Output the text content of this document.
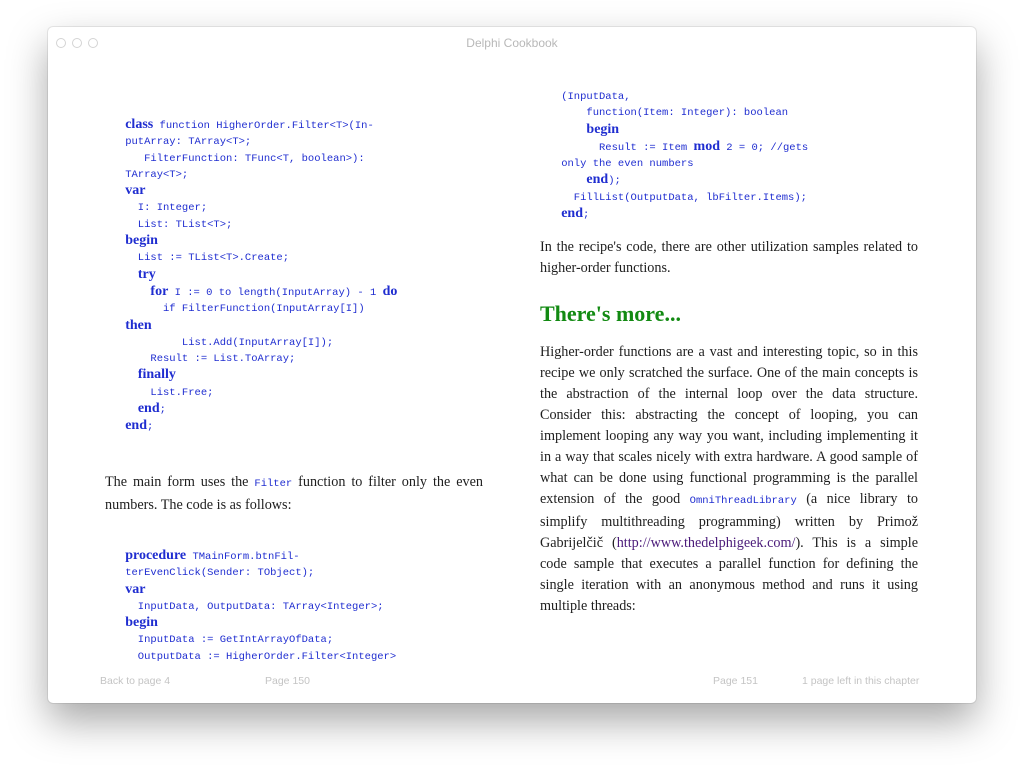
Delphi Cookbook
class function HigherOrder.Filter<T>(In-
putArray: TArray<T>;
FilterFunction: TFunc<T, boolean>):
TArray<T>;
var
I: Integer;
List: TList<T>;
begin
List := TList<T>.Create;
try
for I := 0 to length(InputArray) - 1 do
if FilterFunction(InputArray[I])
then
List.Add(InputArray[I]);
Result := List.ToArray;
finally
List.Free;
end;
end;

The main form uses the Filter function to filter only the even numbers. The code is as follows:

procedure TMainForm.btnFil-
terEvenClick(Sender: TObject);
var
InputData, OutputData: TArray<Integer>;
begin
InputData := GetIntArrayOfData;
OutputData := HigherOrder.Filter<Integer>
Back to page 4	Page 150
(InputData,
function(Item: Integer): boolean
begin
Result := Item mod 2 = 0; //gets
only the even numbers
end);
FillList(OutputData, lbFilter.Items);
end;

In the recipe's code, there are other utilization samples related to higher-order functions.

There's more...

Higher-order functions are a vast and interesting topic, so in this recipe we only scratched the surface. One of the main concepts is the abstraction of the internal loop over the data structure. Consider this: abstracting the concept of looping, you can implement looping any way you want, including implementing it in a way that scales nicely with extra hardware. A good sample of what can be done using functional programming is the parallel extension of the good OmniThreadLibrary (a nice library to simplify multithreading programming) written by Primož Gabrijelčič (http://www.thedelphigeek.com/). This is a simple code sample that executes a parallel function for defining the single iteration with an anonymous method and runs it using multiple threads:

Page 151	1 page left in this chapter
